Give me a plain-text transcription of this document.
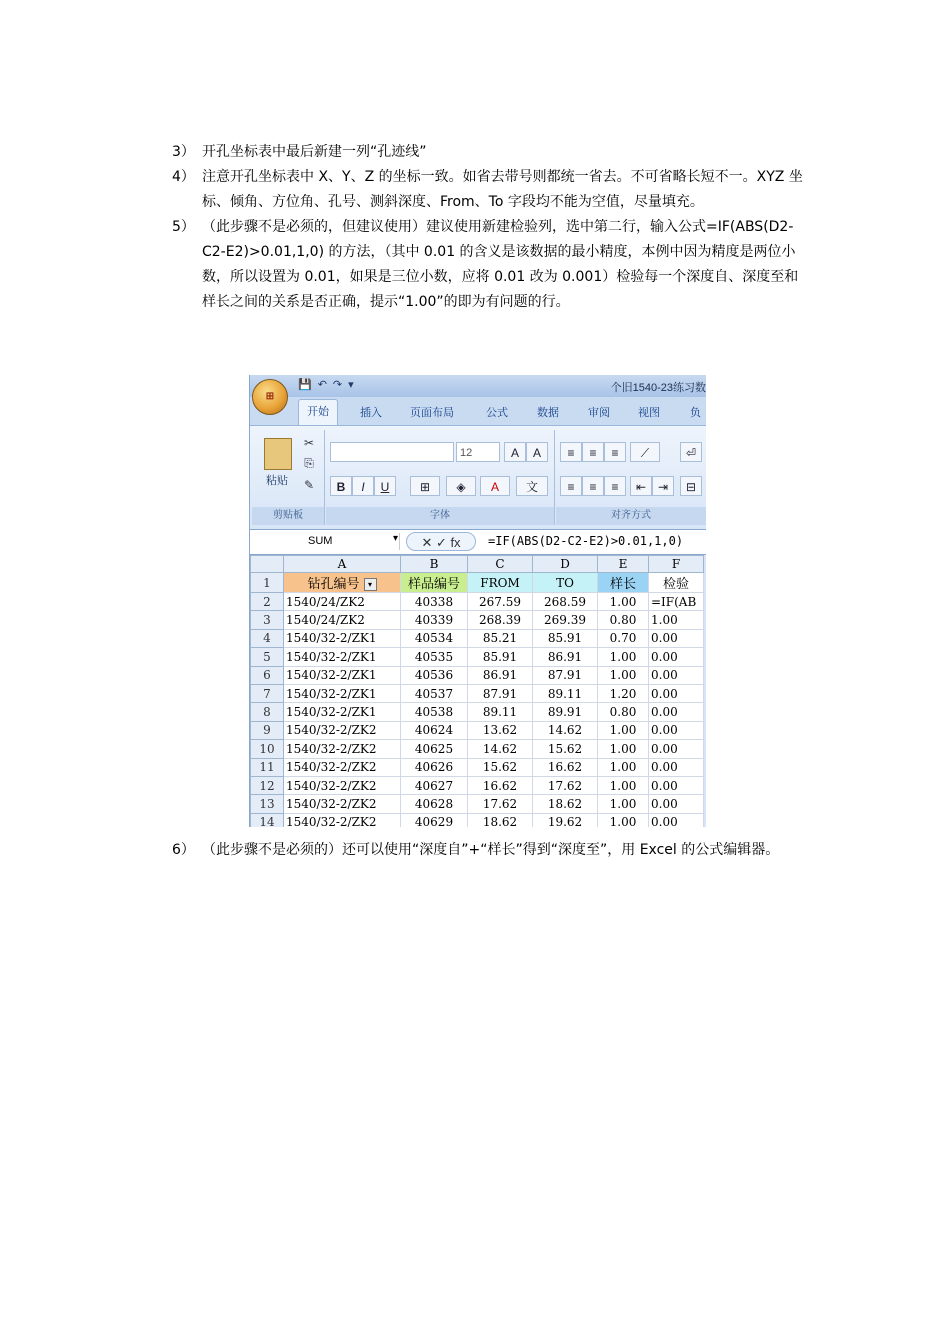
3） 开孔坐标表中最后新建一列“孔迹线”
4） 注意开孔坐标表中 X、Y、Z 的坐标一致。如省去带号则都统一省去。不可省略长短不一。XYZ 坐标、倾角、方位角、孔号、测斜深度、From、To 字段均不能为空值，尽量填充。
5） （此步骤不是必须的，但建议使用）建议使用新建检验列，选中第二行，输入公式=IF(ABS(D2-C2-E2)>0.01,1,0) 的方法，（其中 0.01 的含义是该数据的最小精度，本例中因为精度是两位小数，所以设置为 0.01，如果是三位小数，应将 0.01 改为 0.001）检验每一个深度自、深度至和样长之间的关系是否正确，提示“1.00”的即为有问题的行。
6） （此步骤不是必须的）还可以使用“深度自”+“样长”得到“深度至”，用 Excel 的公式编辑器。
💾 ↶ ↷ ▾	个旧1540-23练习数
⊞
开始	插入	页面布局	公式	数据	审阅	视图	负
粘贴
✂
⎘
✎
剪贴板
12	A	A
B	I	U	⊞	◈	A	文
字体
≡	≡	≡	⟋	⏎
≡	≡	≡	⇤ ⇥	⊟
对齐方式
SUM	▾	✕ ✓ fx	=IF(ABS(D2-C2-E2)>0.01,1,0)
	A	B	C	D	E	F
1	钻孔编号 ▾	样品编号	FROM	TO	样长	检验
2	1540/24/ZK2	40338	267.59	268.59	1.00	=IF(AB
3	1540/24/ZK2	40339	268.39	269.39	0.80	1.00
4	1540/32-2/ZK1	40534	85.21	85.91	0.70	0.00
5	1540/32-2/ZK1	40535	85.91	86.91	1.00	0.00
6	1540/32-2/ZK1	40536	86.91	87.91	1.00	0.00
7	1540/32-2/ZK1	40537	87.91	89.11	1.20	0.00
8	1540/32-2/ZK1	40538	89.11	89.91	0.80	0.00
9	1540/32-2/ZK2	40624	13.62	14.62	1.00	0.00
10	1540/32-2/ZK2	40625	14.62	15.62	1.00	0.00
11	1540/32-2/ZK2	40626	15.62	16.62	1.00	0.00
12	1540/32-2/ZK2	40627	16.62	17.62	1.00	0.00
13	1540/32-2/ZK2	40628	17.62	18.62	1.00	0.00
14	1540/32-2/ZK2	40629	18.62	19.62	1.00	0.00
